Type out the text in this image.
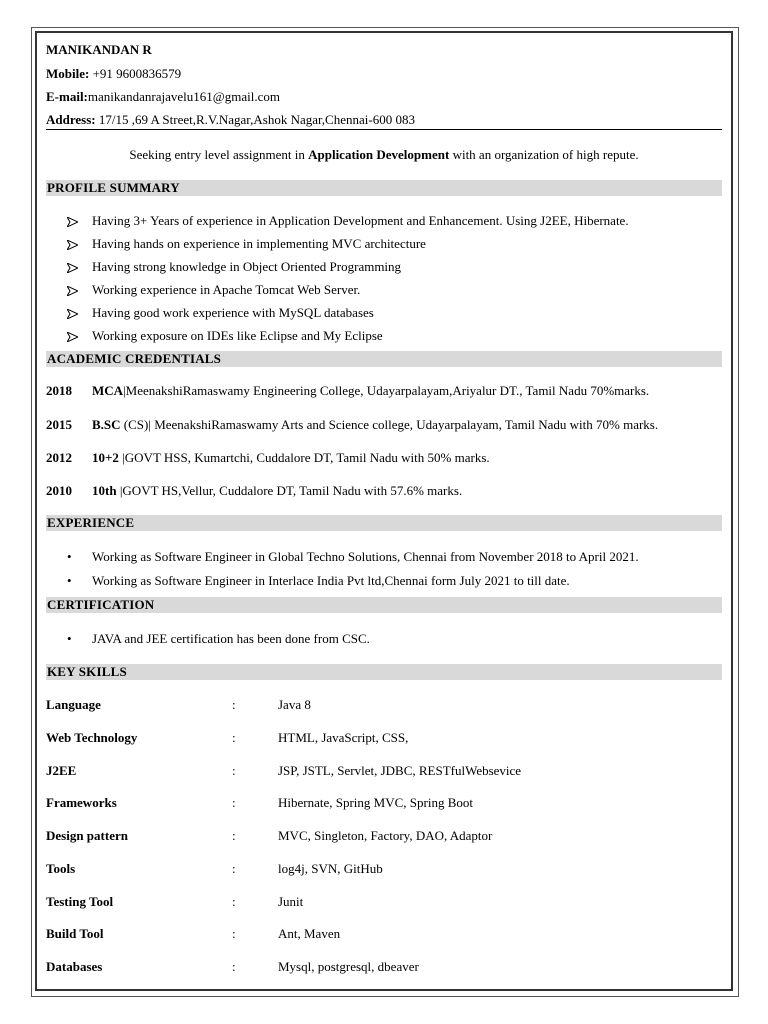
MANIKANDAN R
Mobile: +91 9600836579
E-mail:manikandanrajavelu161@gmail.com
Address: 17/15 ,69 A Street,R.V.Nagar,Ashok Nagar,Chennai-600 083
Seeking entry level assignment in Application Development with an organization of high repute.
PROFILE SUMMARY
Having 3+ Years of experience in Application Development and Enhancement. Using J2EE, Hibernate.
Having hands on experience in implementing MVC architecture
Having strong knowledge in Object Oriented Programming
Working experience in Apache Tomcat Web Server.
Having good work experience with MySQL databases
Working exposure on IDEs like Eclipse and My Eclipse
ACADEMIC CREDENTIALS
2018 MCA|MeenakshiRamaswamy Engineering College, Udayarpalayam,Ariyalur DT., Tamil Nadu 70%marks.
2015 B.SC (CS)| MeenakshiRamaswamy Arts and Science college, Udayarpalayam, Tamil Nadu with 70% marks.
2012 10+2 |GOVT HSS, Kumartchi, Cuddalore DT, Tamil Nadu with 50% marks.
2010 10th |GOVT HS,Vellur, Cuddalore DT, Tamil Nadu with 57.6% marks.
EXPERIENCE
•	Working as Software Engineer in Global Techno Solutions, Chennai from November 2018 to April 2021.
•	Working as Software Engineer in Interlace India Pvt ltd,Chennai form July 2021 to till date.
CERTIFICATION
•	JAVA and JEE certification has been done from CSC.
KEY SKILLS
Language	:	Java 8
Web Technology	:	HTML, JavaScript, CSS,
J2EE	:	JSP, JSTL, Servlet, JDBC, RESTfulWebsevice
Frameworks	:	Hibernate, Spring MVC, Spring Boot
Design pattern	:	MVC, Singleton, Factory, DAO, Adaptor
Tools	:	log4j, SVN, GitHub
Testing Tool	:	Junit
Build Tool	:	Ant, Maven
Databases	:	Mysql, postgresql, dbeaver
